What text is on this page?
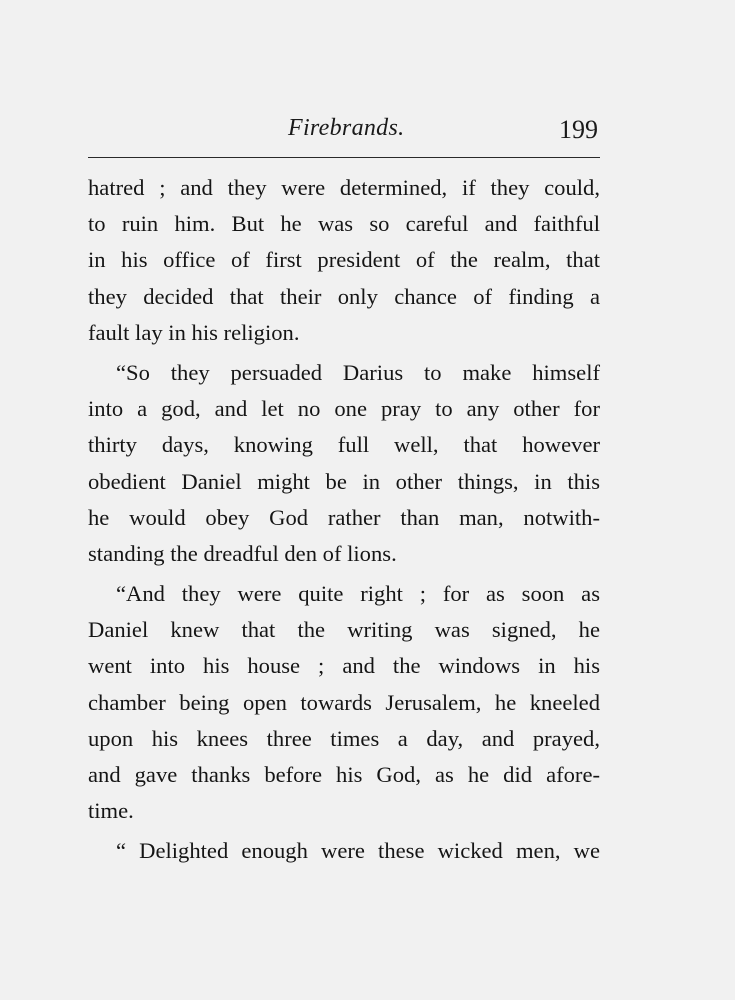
Firebrands.	199
hatred ; and they were determined, if they could,
to ruin him. But he was so careful and faithful
in his office of first president of the realm, that
they decided that their only chance of finding a
fault lay in his religion.
“So they persuaded Darius to make himself
into a god, and let no one pray to any other for
thirty days, knowing full well, that however
obedient Daniel might be in other things, in this
he would obey God rather than man, notwith-
standing the dreadful den of lions.
“And they were quite right ; for as soon as
Daniel knew that the writing was signed, he
went into his house ; and the windows in his
chamber being open towards Jerusalem, he kneeled
upon his knees three times a day, and prayed,
and gave thanks before his God, as he did afore-
time.
“ Delighted enough were these wicked men, we
